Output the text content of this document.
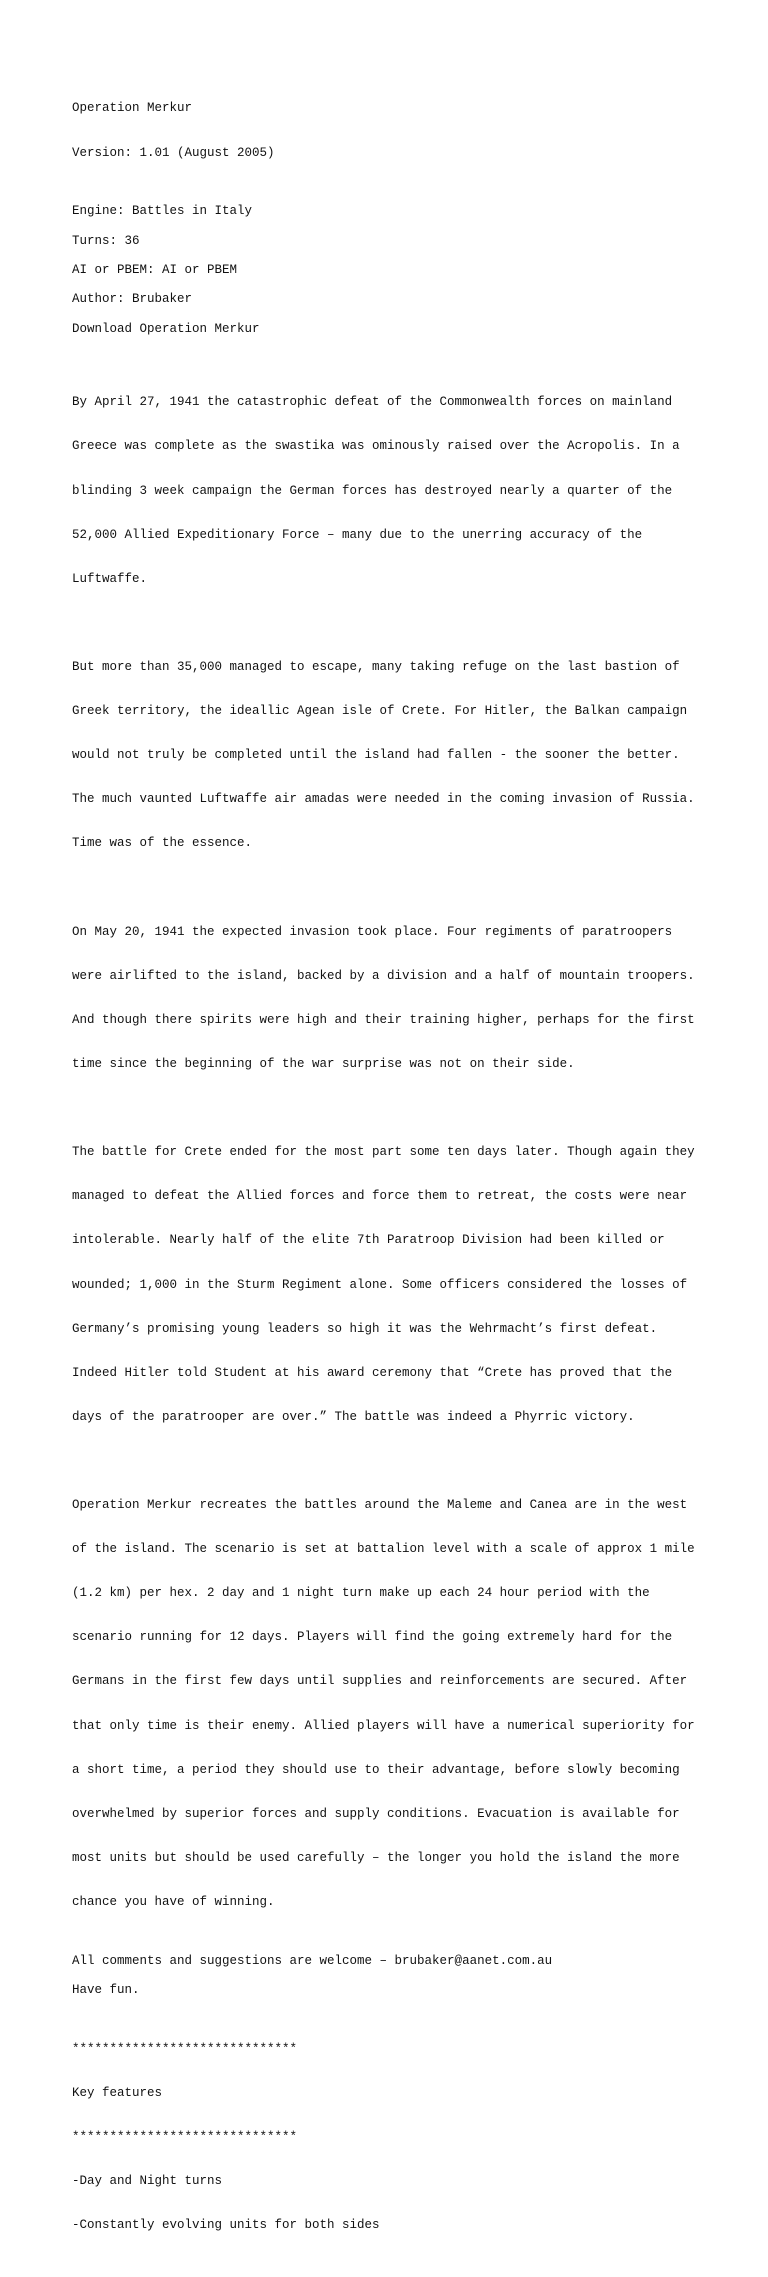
Operation Merkur

Version: 1.01 (August 2005)

Engine: Battles in Italy
Turns: 36
AI or PBEM: AI or PBEM
Author: Brubaker
Download Operation Merkur

By April 27, 1941 the catastrophic defeat of the Commonwealth forces on mainland

Greece was complete as the swastika was ominously raised over the Acropolis. In a

blinding 3 week campaign the German forces has destroyed nearly a quarter of the

52,000 Allied Expeditionary Force – many due to the unerring accuracy of the

Luftwaffe.

But more than 35,000 managed to escape, many taking refuge on the last bastion of

Greek territory, the ideallic Agean isle of Crete. For Hitler, the Balkan campaign

would not truly be completed until the island had fallen - the sooner the better.

The much vaunted Luftwaffe air amadas were needed in the coming invasion of Russia.

Time was of the essence.

On May 20, 1941 the expected invasion took place. Four regiments of paratroopers

were airlifted to the island, backed by a division and a half of mountain troopers.

And though there spirits were high and their training higher, perhaps for the first

time since the beginning of the war surprise was not on their side.

The battle for Crete ended for the most part some ten days later. Though again they

managed to defeat the Allied forces and force them to retreat, the costs were near

intolerable. Nearly half of the elite 7th Paratroop Division had been killed or

wounded; 1,000 in the Sturm Regiment alone. Some officers considered the losses of

Germany’s promising young leaders so high it was the Wehrmacht’s first defeat.

Indeed Hitler told Student at his award ceremony that “Crete has proved that the

days of the paratrooper are over.” The battle was indeed a Phyrric victory.

Operation Merkur recreates the battles around the Maleme and Canea are in the west

of the island. The scenario is set at battalion level with a scale of approx 1 mile

(1.2 km) per hex. 2 day and 1 night turn make up each 24 hour period with the

scenario running for 12 days. Players will find the going extremely hard for the

Germans in the first few days until supplies and reinforcements are secured. After

that only time is their enemy. Allied players will have a numerical superiority for

a short time, a period they should use to their advantage, before slowly becoming

overwhelmed by superior forces and supply conditions. Evacuation is available for

most units but should be used carefully – the longer you hold the island the more

chance you have of winning.

All comments and suggestions are welcome – brubaker@aanet.com.au
Have fun.

******************************

Key features

******************************

-Day and Night turns

-Constantly evolving units for both sides
